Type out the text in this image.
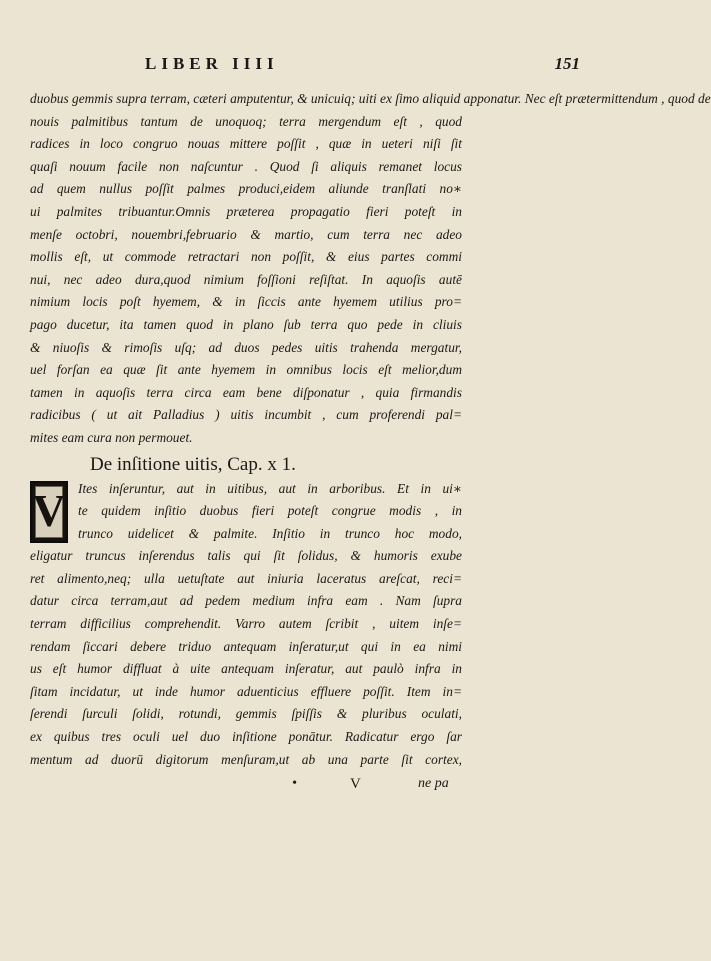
LIBER IIII	151
duobus gemmis supra terram, cæteri amputentur, & unicuiq; uiti ex ſimo aliquid apponatur. Nec eſt prætermittendum , quod de
nouis palmitibus tantum de unoquoq; terra mergendum eſt , quod
radices in loco congruo nouas mittere poſſit , quæ in ueteri niſi ſit
quaſi nouum facile non naſcuntur . Quod ſi aliquis remanet locus
ad quem nullus poſſit palmes produci,eidem aliunde tranſlati no∗
ui palmites tribuantur.Omnis præterea propagatio fieri poteſt in
menſe octobri, nouembri,februario & martio, cum terra nec adeo
mollis eſt, ut commode retractari non poſſit, & eius partes commi
nui, nec adeo dura,quod nimium foſſioni reſiſtat. In aquoſis autē
nimium locis poſt hyemem, & in ſiccis ante hyemem utilius pro=
pago ducetur, ita tamen quod in plano ſub terra quo pede in cliuis
& niuoſis & rimoſis uſq; ad duos pedes uitis trahenda mergatur,
uel forſan ea quæ ſit ante hyemem in omnibus locis eſt melior,dum
tamen in aquoſis terra circa eam bene diſponatur , quia firmandis
radicibus ( ut ait Palladius ) uitis incumbit , cum proferendi pal=
mites eam cura non permouet.
De inſitione uitis, Cap. x 1.
V Ites inſeruntur, aut in uitibus, aut in arboribus. Et in ui∗
te quidem inſitio duobus fieri poteſt congrue modis , in
trunco uidelicet & palmite. Inſitio in trunco hoc modo,
eligatur truncus inſerendus talis qui ſit ſolidus, & humoris exube
ret alimento,neq; ulla uetuſtate aut iniuria laceratus areſcat, reci=
datur circa terram,aut ad pedem medium infra eam . Nam ſupra
terram difficilius comprehendit. Varro autem ſcribit , uitem inſe=
rendam ſiccari debere triduo antequam inſeratur,ut qui in ea nimi
us eſt humor diffluat à uite antequam inſeratur, aut paulò infra in
ſitam incidatur, ut inde humor aduenticius effluere poſſit. Item in=
ſerendi ſurculi ſolidi, rotundi, gemmis ſpiſſis & pluribus oculati,
ex quibus tres oculi uel duo inſitione ponātur. Radicatur ergo ſar
mentum ad duorū digitorum menſuram,ut ab una parte ſit cortex,
•	V	ne pa
